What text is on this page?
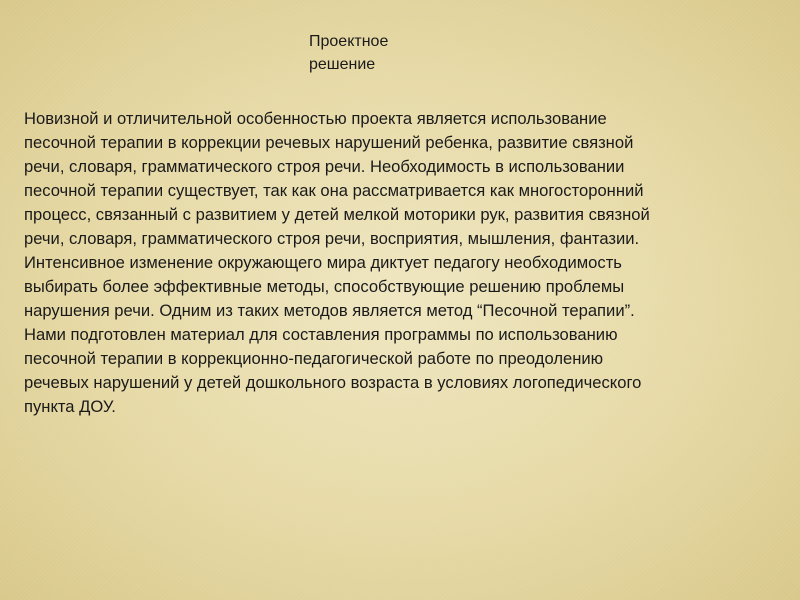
Проектное
решение
Новизной и отличительной особенностью проекта является использование
песочной терапии в коррекции речевых нарушений ребенка, развитие связной
речи, словаря, грамматического строя речи. Необходимость в использовании
песочной терапии существует, так как она рассматривается как многосторонний
процесс, связанный с развитием у детей мелкой моторики рук, развития связной
речи, словаря, грамматического строя речи, восприятия, мышления, фантазии.
Интенсивное изменение окружающего мира диктует педагогу необходимость
выбирать более эффективные методы, способствующие решению проблемы
нарушения речи. Одним из таких методов является метод “Песочной терапии”.
Нами подготовлен материал для составления программы по использованию
песочной терапии в коррекционно-педагогической работе по преодолению
речевых нарушений у детей дошкольного возраста в условиях логопедического
пункта ДОУ.
